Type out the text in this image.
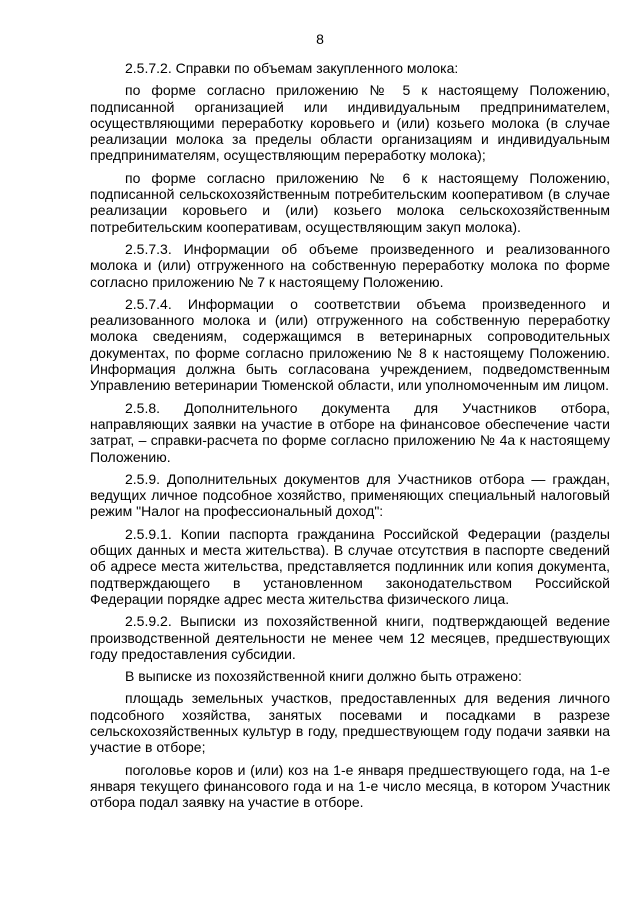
8

2.5.7.2. Справки по объемам закупленного молока:

по форме согласно приложению № 5 к настоящему Положению, подписанной организацией или индивидуальным предпринимателем, осуществляющими переработку коровьего и (или) козьего молока (в случае реализации молока за пределы области организациям и индивидуальным предпринимателям, осуществляющим переработку молока);

по форме согласно приложению № 6 к настоящему Положению, подписанной сельскохозяйственным потребительским кооперативом (в случае реализации коровьего и (или) козьего молока сельскохозяйственным потребительским кооперативам, осуществляющим закуп молока).

2.5.7.3. Информации об объеме произведенного и реализованного молока и (или) отгруженного на собственную переработку молока по форме согласно приложению № 7 к настоящему Положению.

2.5.7.4. Информации о соответствии объема произведенного и реализованного молока и (или) отгруженного на собственную переработку молока сведениям, содержащимся в ветеринарных сопроводительных документах, по форме согласно приложению № 8 к настоящему Положению. Информация должна быть согласована учреждением, подведомственным Управлению ветеринарии Тюменской области, или уполномоченным им лицом.

2.5.8. Дополнительного документа для Участников отбора, направляющих заявки на участие в отборе на финансовое обеспечение части затрат, – справки-расчета по форме согласно приложению № 4а к настоящему Положению.

2.5.9. Дополнительных документов для Участников отбора — граждан, ведущих личное подсобное хозяйство, применяющих специальный налоговый режим "Налог на профессиональный доход":

2.5.9.1. Копии паспорта гражданина Российской Федерации (разделы общих данных и места жительства). В случае отсутствия в паспорте сведений об адресе места жительства, представляется подлинник или копия документа, подтверждающего в установленном законодательством Российской Федерации порядке адрес места жительства физического лица.

2.5.9.2. Выписки из похозяйственной книги, подтверждающей ведение производственной деятельности не менее чем 12 месяцев, предшествующих году предоставления субсидии.

В выписке из похозяйственной книги должно быть отражено:

площадь земельных участков, предоставленных для ведения личного подсобного хозяйства, занятых посевами и посадками в разрезе сельскохозяйственных культур в году, предшествующем году подачи заявки на участие в отборе;

поголовье коров и (или) коз на 1-е января предшествующего года, на 1-е января текущего финансового года и на 1-е число месяца, в котором Участник отбора подал заявку на участие в отборе.
